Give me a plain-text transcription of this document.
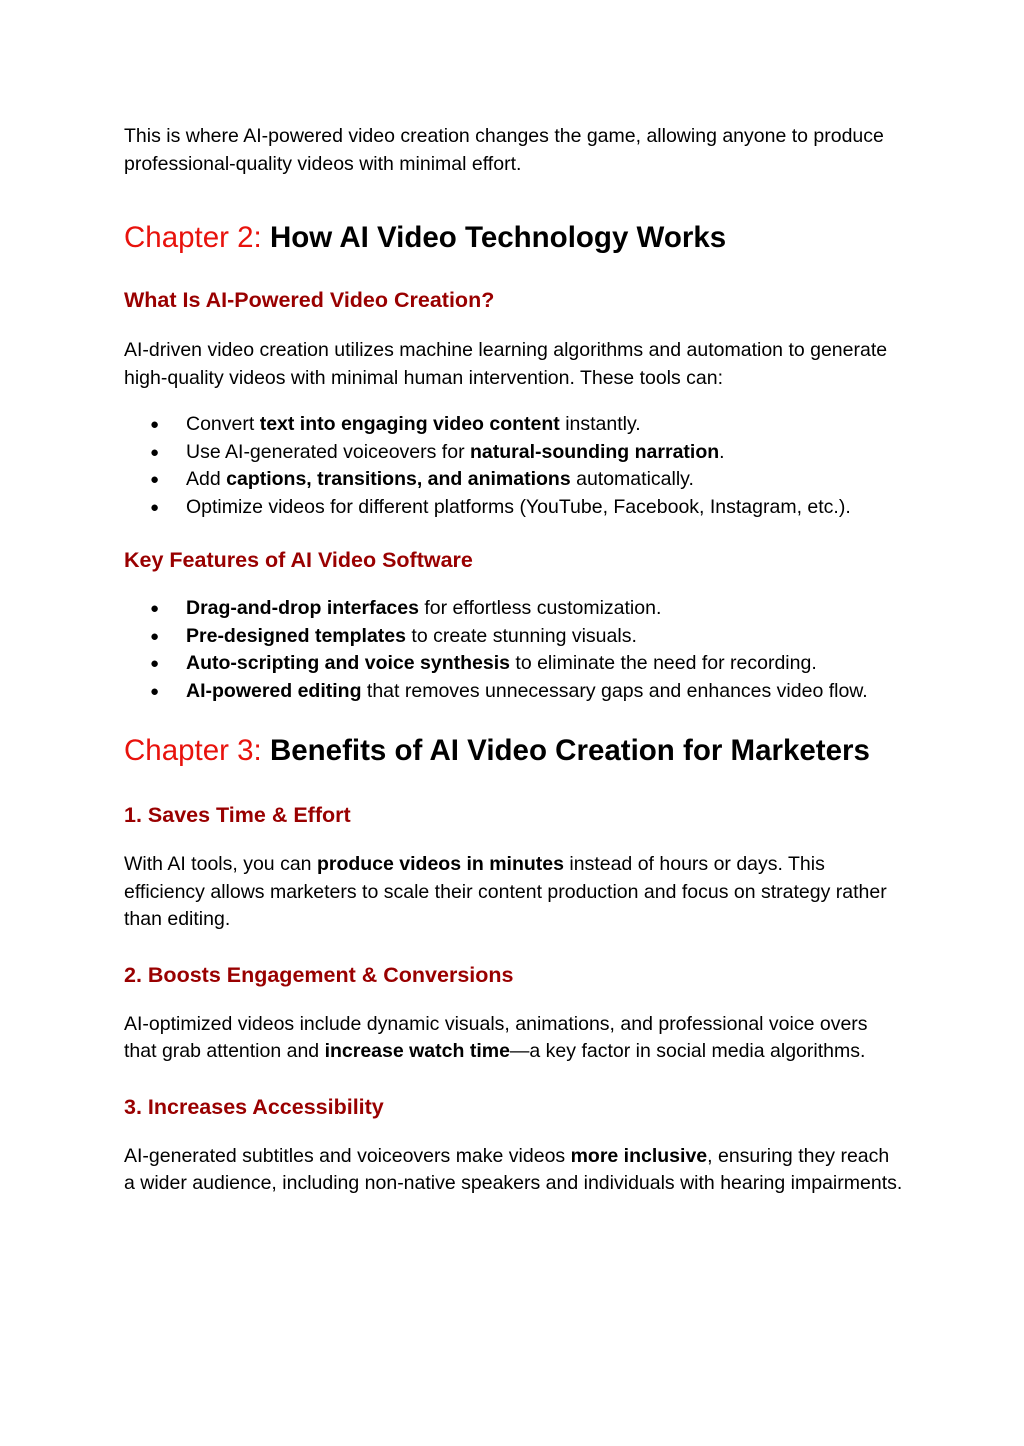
This is where AI-powered video creation changes the game, allowing anyone to produce professional-quality videos with minimal effort.

Chapter 2: How AI Video Technology Works
What Is AI-Powered Video Creation?

AI-driven video creation utilizes machine learning algorithms and automation to generate high-quality videos with minimal human intervention. These tools can:

● Convert text into engaging video content instantly.
● Use AI-generated voiceovers for natural-sounding narration.
● Add captions, transitions, and animations automatically.
● Optimize videos for different platforms (YouTube, Facebook, Instagram, etc.).
Key Features of AI Video Software
● Drag-and-drop interfaces for effortless customization.
● Pre-designed templates to create stunning visuals.
● Auto-scripting and voice synthesis to eliminate the need for recording.
● AI-powered editing that removes unnecessary gaps and enhances video flow.
Chapter 3: Benefits of AI Video Creation for Marketers
1. Saves Time & Effort

With AI tools, you can produce videos in minutes instead of hours or days. This efficiency allows marketers to scale their content production and focus on strategy rather than editing.

2. Boosts Engagement & Conversions

AI-optimized videos include dynamic visuals, animations, and professional voice overs that grab attention and increase watch time—a key factor in social media algorithms.

3. Increases Accessibility

AI-generated subtitles and voiceovers make videos more inclusive, ensuring they reach a wider audience, including non-native speakers and individuals with hearing impairments.
